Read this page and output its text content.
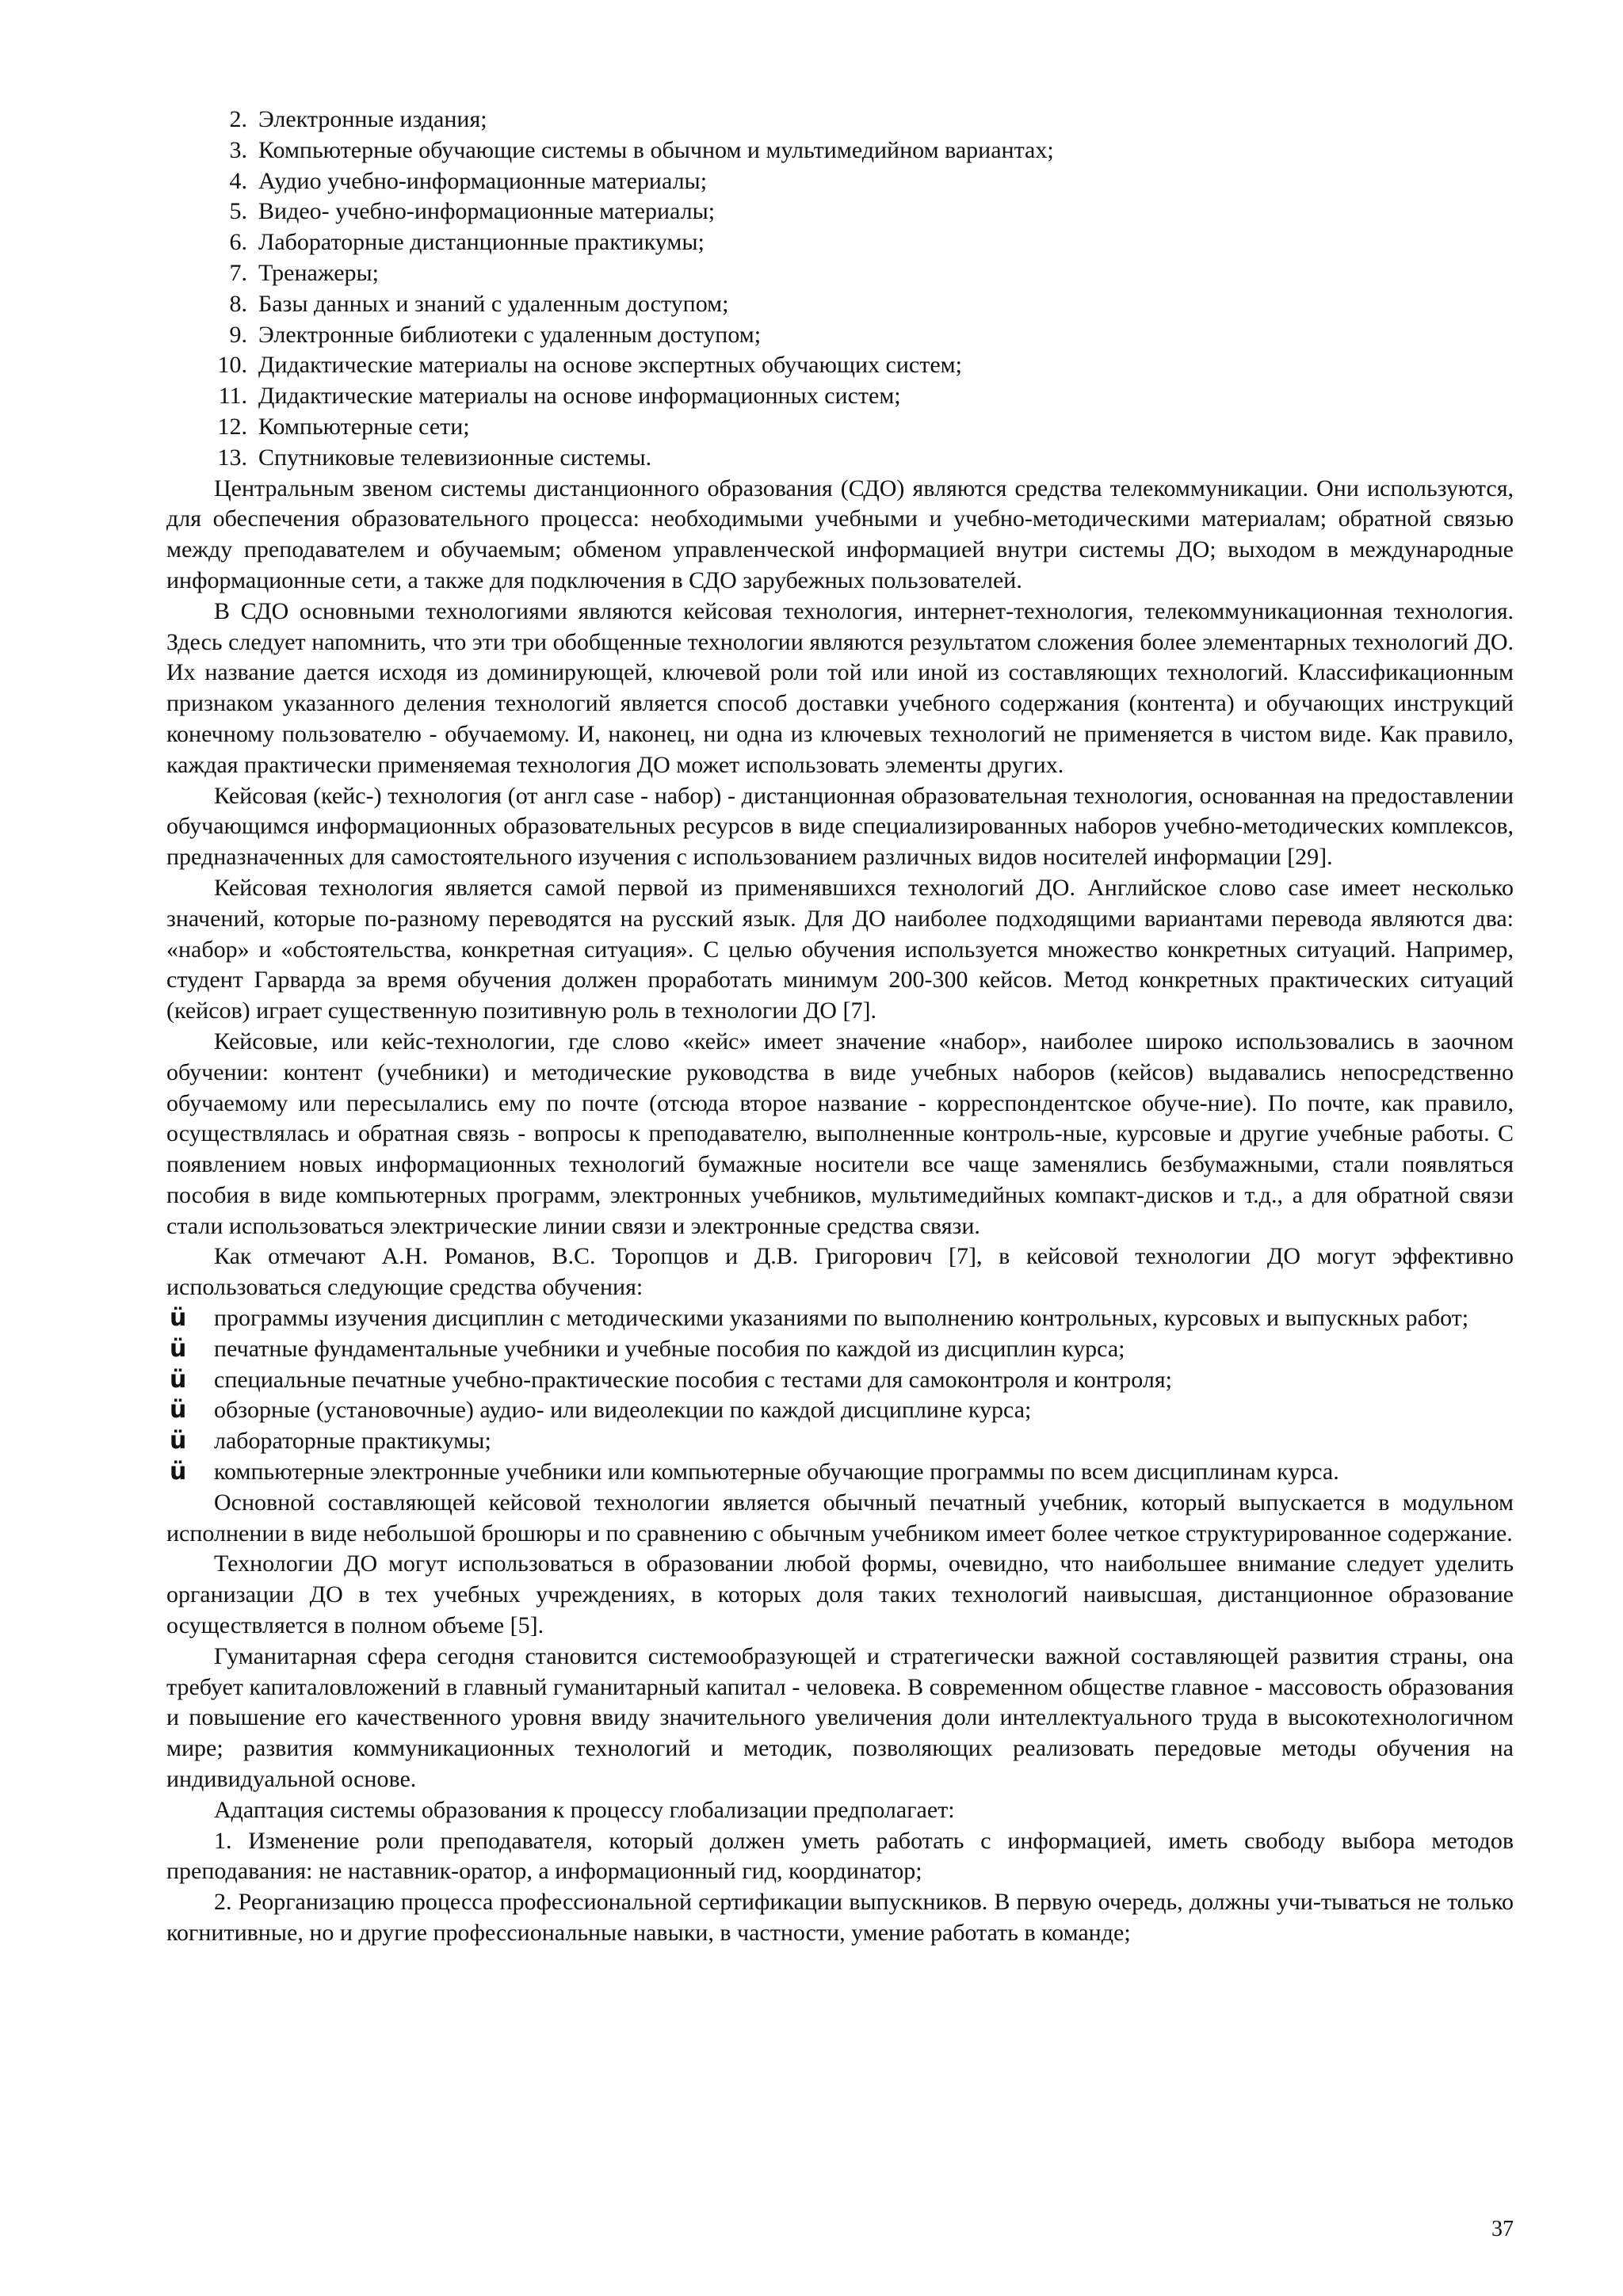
2. Электронные издания;
3. Компьютерные обучающие системы в обычном и мультимедийном вариантах;
4. Аудио учебно-информационные материалы;
5. Видео- учебно-информационные материалы;
6. Лабораторные дистанционные практикумы;
7. Тренажеры;
8. Базы данных и знаний с удаленным доступом;
9. Электронные библиотеки с удаленным доступом;
10. Дидактические материалы на основе экспертных обучающих систем;
11. Дидактические материалы на основе информационных систем;
12. Компьютерные сети;
13. Спутниковые телевизионные системы.

Центральным звеном системы дистанционного образования (СДО) являются средства телекоммуникации. Они используются, для обеспечения образовательного процесса: необходимыми учебными и учебно-методическими материалам; обратной связью между преподавателем и обучаемым; обменом управленческой информацией внутри системы ДО; выходом в международные информационные сети, а также для подключения в СДО зарубежных пользователей.

В СДО основными технологиями являются кейсовая технология, интернет-технология, телекоммуникационная технология. Здесь следует напомнить, что эти три обобщенные технологии являются результатом сложения более элементарных технологий ДО. Их название дается исходя из доминирующей, ключевой роли той или иной из составляющих технологий. Классификационным признаком указанного деления технологий является способ доставки учебного содержания (контента) и обучающих инструкций конечному пользователю - обучаемому. И, наконец, ни одна из ключевых технологий не применяется в чистом виде. Как правило, каждая практически применяемая технология ДО может использовать элементы других.

Кейсовая (кейс-) технология (от англ case - набор) - дистанционная образовательная технология, основанная на предоставлении обучающимся информационных образовательных ресурсов в виде специализированных наборов учебно-методических комплексов, предназначенных для самостоятельного изучения с использованием различных видов носителей информации [29].

Кейсовая технология является самой первой из применявшихся технологий ДО. Английское слово case имеет несколько значений, которые по-разному переводятся на русский язык. Для ДО наиболее подходящими вариантами перевода являются два: «набор» и «обстоятельства, конкретная ситуация». С целью обучения используется множество конкретных ситуаций. Например, студент Гарварда за время обучения должен проработать минимум 200-300 кейсов. Метод конкретных практических ситуаций (кейсов) играет существенную позитивную роль в технологии ДО [7].

Кейсовые, или кейс-технологии, где слово «кейс» имеет значение «набор», наиболее широко использовались в заочном обучении: контент (учебники) и методические руководства в виде учебных наборов (кейсов) выдавались непосредственно обучаемому или пересылались ему по почте (отсюда второе название - корреспондентское обуче-ние). По почте, как правило, осуществлялась и обратная связь - вопросы к преподавателю, выполненные контроль-ные, курсовые и другие учебные работы. С появлением новых информационных технологий бумажные носители все чаще заменялись безбумажными, стали появляться пособия в виде компьютерных программ, электронных учебников, мультимедийных компакт-дисков и т.д., а для обратной связи стали использоваться электрические линии связи и электронные средства связи.

Как отмечают А.Н. Романов, В.С. Торопцов и Д.В. Григорович [7], в кейсовой технологии ДО могут эффективно использоваться следующие средства обучения:

ü	программы изучения дисциплин с методическими указаниями по выполнению контрольных, курсовых и выпускных работ;
ü	печатные фундаментальные учебники и учебные пособия по каждой из дисциплин курса;
ü	специальные печатные учебно-практические пособия с тестами для самоконтроля и контроля;
ü	обзорные (установочные) аудио- или видеолекции по каждой дисциплине курса;
ü	лабораторные практикумы;
ü	компьютерные электронные учебники или компьютерные обучающие программы по всем дисциплинам курса.

Основной составляющей кейсовой технологии является обычный печатный учебник, который выпускается в модульном исполнении в виде небольшой брошюры и по сравнению с обычным учебником имеет более четкое структурированное содержание.

Технологии ДО могут использоваться в образовании любой формы, очевидно, что наибольшее внимание следует уделить организации ДО в тех учебных учреждениях, в которых доля таких технологий наивысшая, дистанционное образование осуществляется в полном объеме [5].

Гуманитарная сфера сегодня становится системообразующей и стратегически важной составляющей развития страны, она требует капиталовложений в главный гуманитарный капитал - человека. В современном обществе главное - массовость образования и повышение его качественного уровня ввиду значительного увеличения доли интеллектуального труда в высокотехнологичном мире; развития коммуникационных технологий и методик, позволяющих реализовать передовые методы обучения на индивидуальной основе.

Адаптация системы образования к процессу глобализации предполагает:

1. Изменение роли преподавателя, который должен уметь работать с информацией, иметь свободу выбора методов преподавания: не наставник-оратор, а информационный гид, координатор;

2. Реорганизацию процесса профессиональной сертификации выпускников. В первую очередь, должны учи-тываться не только когнитивные, но и другие профессиональные навыки, в частности, умение работать в команде;

37
